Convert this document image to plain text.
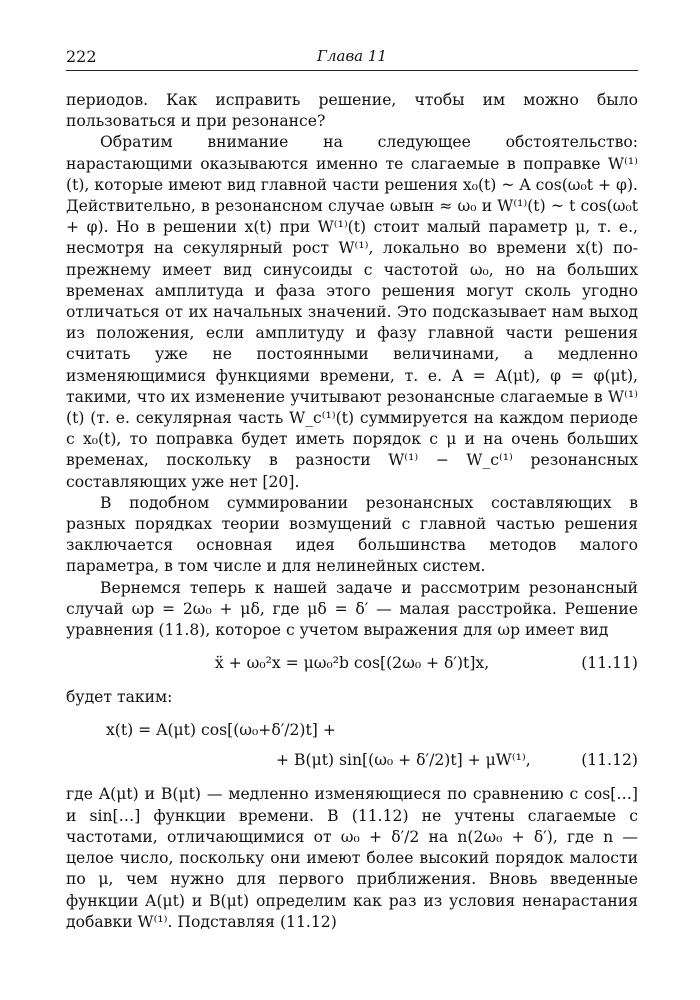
222	Глава 11

периодов. Как исправить решение, чтобы им можно было пользоваться и при резонансе?

Обратим внимание на следующее обстоятельство: нарастающими оказываются именно те слагаемые в поправке W⁽¹⁾(t), которые имеют вид главной части решения x₀(t) ~ A cos(ω₀t + φ). Действительно, в резонансном случае ωвын ≈ ω₀ и W⁽¹⁾(t) ~ t cos(ω₀t + φ). Но в решении x(t) при W⁽¹⁾(t) стоит малый параметр μ, т. е., несмотря на секулярный рост W⁽¹⁾, локально во времени x(t) по-прежнему имеет вид синусоиды с частотой ω₀, но на больших временах амплитуда и фаза этого решения могут сколь угодно отличаться от их начальных значений. Это подсказывает нам выход из положения, если амплитуду и фазу главной части решения считать уже не постоянными величинами, а медленно изменяющимися функциями времени, т. е. A = A(μt), φ = φ(μt), такими, что их изменение учитывают резонансные слагаемые в W⁽¹⁾(t) (т. е. секулярная часть W_c⁽¹⁾(t) суммируется на каждом периоде с x₀(t), то поправка будет иметь порядок с μ и на очень больших временах, поскольку в разности W⁽¹⁾ − W_c⁽¹⁾ резонансных составляющих уже нет [20].

В подобном суммировании резонансных составляющих в разных порядках теории возмущений с главной частью решения заключается основная идея большинства методов малого параметра, в том числе и для нелинейных систем.

Вернемся теперь к нашей задаче и рассмотрим резонансный случай ωp = 2ω₀ + μδ, где μδ = δ′ — малая расстройка. Решение уравнения (11.8), которое с учетом выражения для ωp имеет вид

ẍ + ω₀²x = μω₀²b cos[(2ω₀ + δ′)t]x,	(11.11)

будет таким:

x(t) = A(μt) cos[(ω₀+δ′/2)t] +
+ B(μt) sin[(ω₀ + δ′/2)t] + μW⁽¹⁾,	(11.12)

где A(μt) и B(μt) — медленно изменяющиеся по сравнению с cos[…] и sin[…] функции времени. В (11.12) не учтены слагаемые с частотами, отличающимися от ω₀ + δ′/2 на n(2ω₀ + δ′), где n — целое число, поскольку они имеют более высокий порядок малости по μ, чем нужно для первого приближения. Вновь введенные функции A(μt) и B(μt) определим как раз из условия ненарастания добавки W⁽¹⁾. Подставляя (11.12)
